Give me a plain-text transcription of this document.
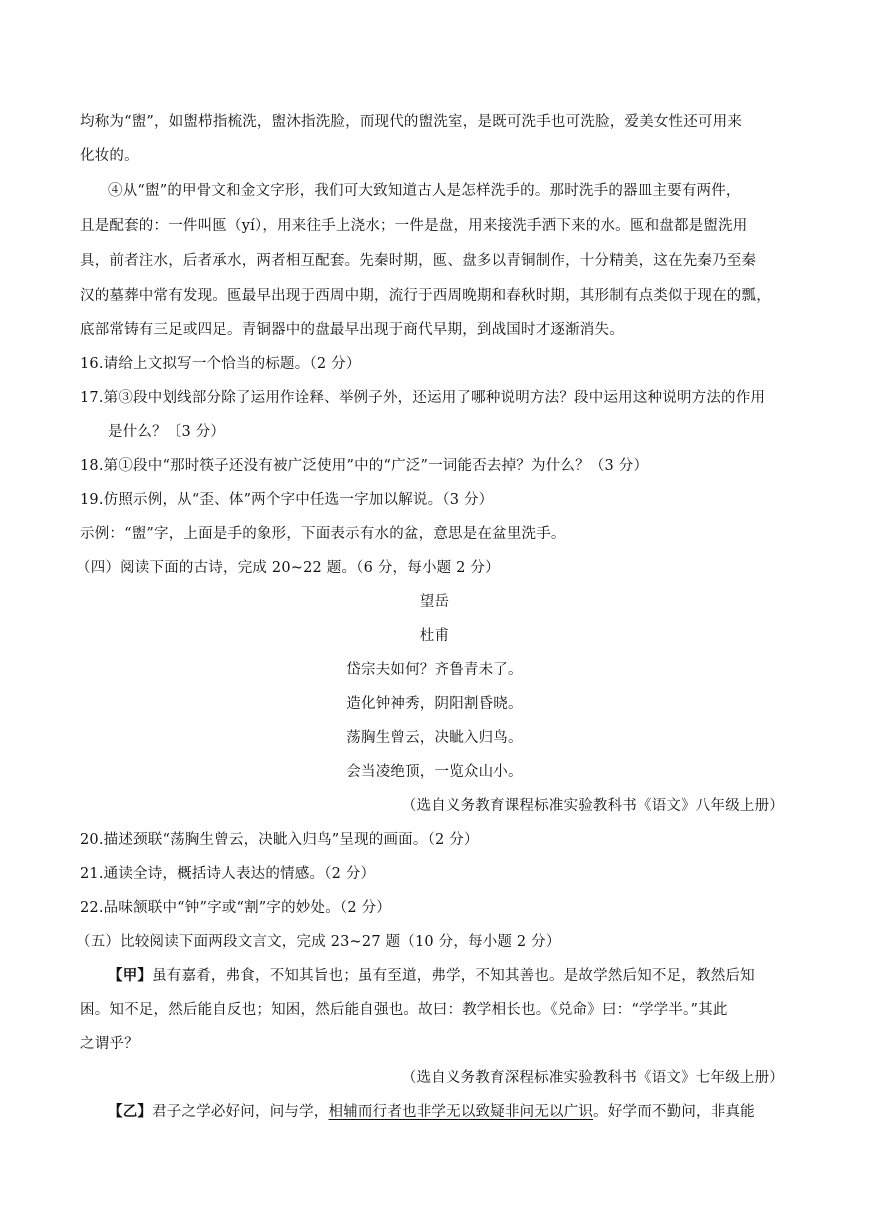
均称为“盥”，如盥栉指梳洗，盥沐指洗脸，而现代的盥洗室，是既可洗手也可洗脸，爱美女性还可用来
化妆的。
④从“盥”的甲骨文和金文字形，我们可大致知道古人是怎样洗手的。那时洗手的器皿主要有两件，
且是配套的：一件叫匜（yí），用来往手上浇水；一件是盘，用来接洗手洒下来的水。匜和盘都是盥洗用
具，前者注水，后者承水，两者相互配套。先秦时期，匜、盘多以青铜制作，十分精美，这在先秦乃至秦
汉的墓葬中常有发现。匜最早出现于西周中期，流行于西周晚期和春秋时期，其形制有点类似于现在的瓢，
底部常铸有三足或四足。青铜器中的盘最早出现于商代早期，到战国时才逐渐消失。
16.请给上文拟写一个恰当的标题。（2 分）
17.第③段中划线部分除了运用作诠释、举例子外，还运用了哪种说明方法？段中运用这种说明方法的作用
是什么？〔3 分）
18.第①段中“那时筷子还没有被广泛使用”中的“广泛”一词能否去掉？为什么？（3 分）
19.仿照示例，从“歪、体”两个字中任选一字加以解说。（3 分）
示例：“盥”字，上面是手的象形，下面表示有水的盆，意思是在盆里洗手。
（四）阅读下面的古诗，完成 20~22 题。（6 分，每小题 2 分）
望岳
杜甫
岱宗夫如何？齐鲁青未了。
造化钟神秀，阴阳割昏晓。
荡胸生曾云，决眦入归鸟。
会当凌绝顶，一览众山小。
（选自义务教育课程标准实验教科书《语文》八年级上册）
20.描述颈联“荡胸生曾云，决眦入归鸟”呈现的画面。（2 分）
21.通读全诗，概括诗人表达的情感。（2 分）
22.品味颔联中“钟”字或“割”字的妙处。（2 分）
（五）比较阅读下面两段文言文，完成 23~27 题（10 分，每小题 2 分）
【甲】虽有嘉肴，弗食，不知其旨也；虽有至道，弗学，不知其善也。是故学然后知不足，教然后知
困。知不足，然后能自反也；知困，然后能自强也。故曰：教学相长也。《兑命》曰：“学学半。”其此
之谓乎？
（选自义务教育深程标准实验教科书《语文》七年级上册）
【乙】君子之学必好问，问与学，相辅而行者也非学无以致疑非问无以广识。好学而不勤问，非真能
